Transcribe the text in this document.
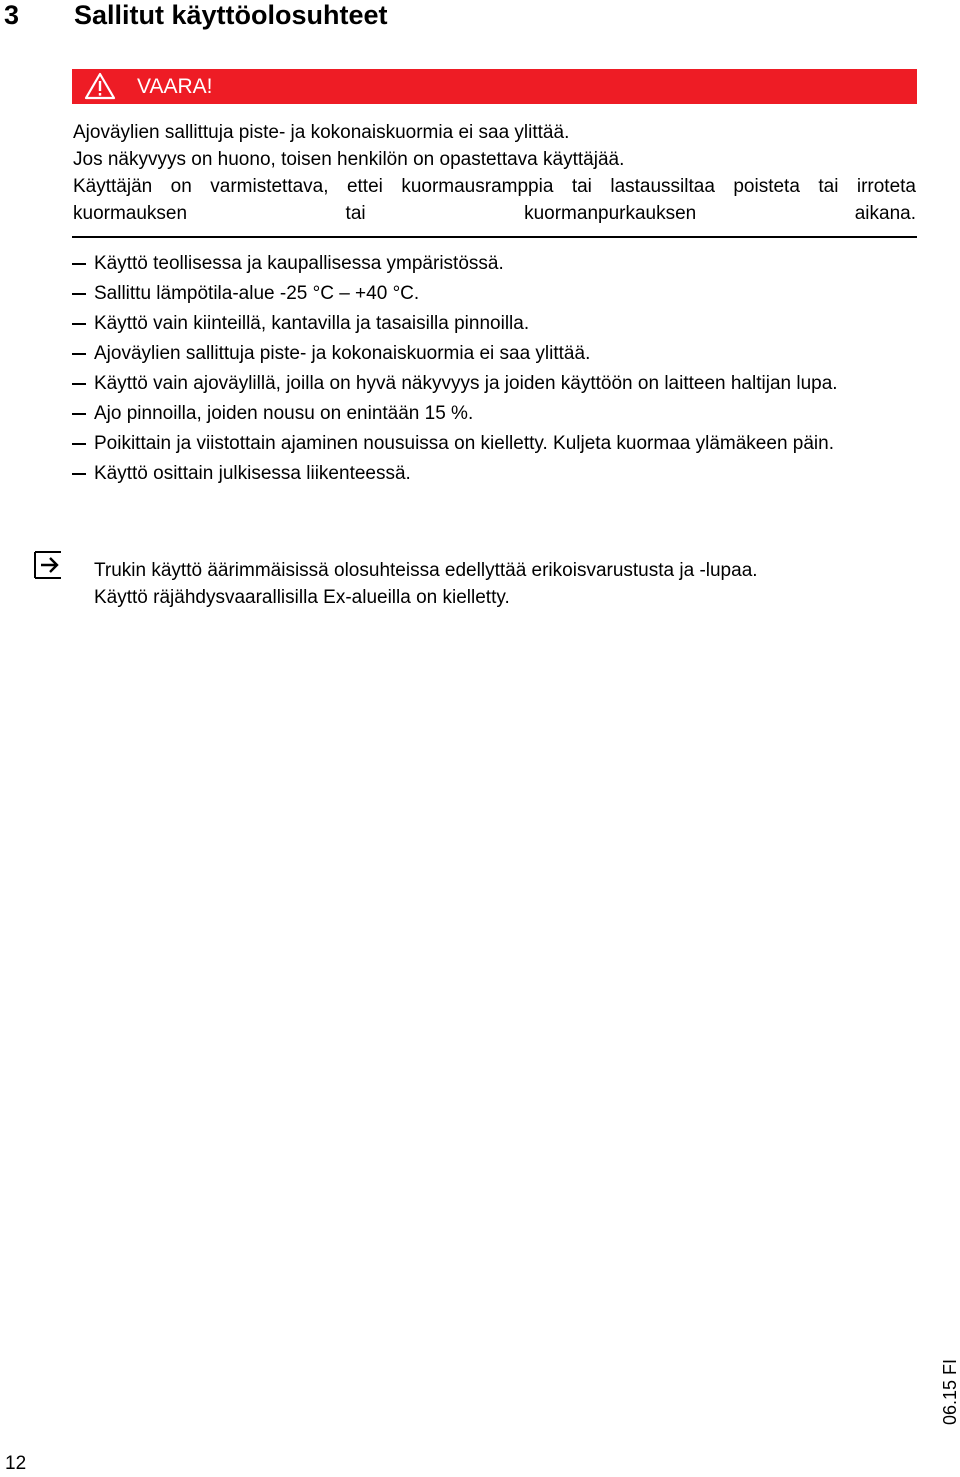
3 Sallitut käyttöolosuhteet
VAARA!
Ajoväylien sallittuja piste- ja kokonaiskuormia ei saa ylittää.
Jos näkyvyys on huono, toisen henkilön on opastettava käyttäjää.
Käyttäjän on varmistettava, ettei kuormausramppia tai lastaussiltaa poisteta tai irroteta kuormauksen tai kuormanpurkauksen aikana.
Käyttö teollisessa ja kaupallisessa ympäristössä.
Sallittu lämpötila-alue -25 °C – +40 °C.
Käyttö vain kiinteillä, kantavilla ja tasaisilla pinnoilla.
Ajoväylien sallittuja piste- ja kokonaiskuormia ei saa ylittää.
Käyttö vain ajoväylillä, joilla on hyvä näkyvyys ja joiden käyttöön on laitteen haltijan lupa.
Ajo pinnoilla, joiden nousu on enintään 15 %.
Poikittain ja viistottain ajaminen nousuissa on kielletty. Kuljeta kuormaa ylämäkeen päin.
Käyttö osittain julkisessa liikenteessä.
Trukin käyttö äärimmäisissä olosuhteissa edellyttää erikoisvarustusta ja -lupaa.
Käyttö räjähdysvaarallisilla Ex-alueilla on kielletty.
12
06.15 FI
